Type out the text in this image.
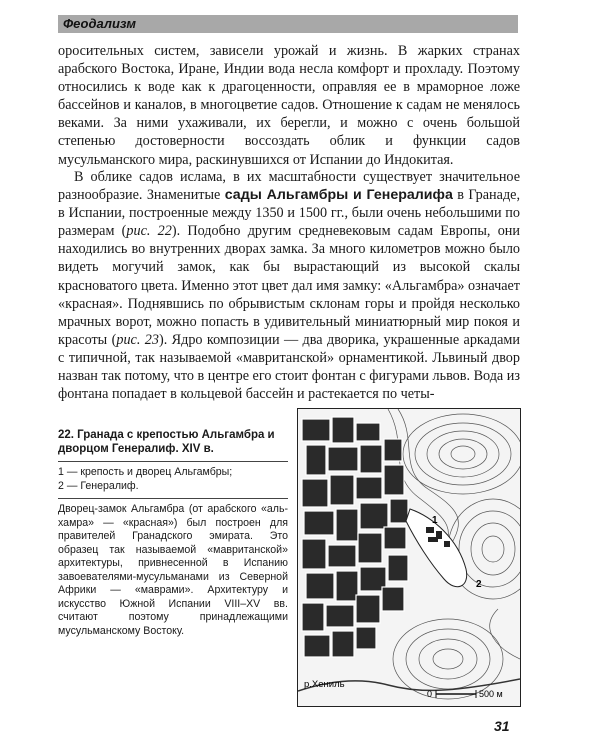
Феодализм

оросительных систем, зависели урожай и жизнь. В жарких странах арабского Востока, Иране, Индии вода несла комфорт и прохладу. Поэтому относились к воде как к драгоценности, оправляя ее в мраморное ложе бассейнов и каналов, в многоцветие садов. Отношение к садам не менялось веками. За ними ухаживали, их берегли, и можно с очень большой степенью достоверности воссоздать облик и функции садов мусульманского мира, раскинувшихся от Испании до Индокитая.

В облике садов ислама, в их масштабности существует значительное разнообразие. Знаменитые сады Альгамбры и Генералифа в Гранаде, в Испании, построенные между 1350 и 1500 гг., были очень небольшими по размерам (рис. 22). Подобно другим средневековым садам Европы, они находились во внутренних дворах замка. За много километров можно было видеть могучий замок, как бы вырастающий из высокой скалы красноватого цвета. Именно этот цвет дал имя замку: «Альгамбра» означает «красная». Поднявшись по обрывистым склонам горы и пройдя несколько мрачных ворот, можно попасть в удивительный миниатюрный мир покоя и красоты (рис. 23). Ядро композиции — два дворика, украшенные аркадами с типичной, так называемой «мавританской» орнаментикой. Львиный двор назван так потому, что в центре его стоит фонтан с фигурами львов. Вода из фонтана попадает в кольцевой бассейн и растекается по четы-

22. Гранада с крепостью Альгамбра и дворцом Генералиф. XIV в.
1 — крепость и дворец Альгамбры;
2 — Генералиф.
Дворец-замок Альгамбра (от арабского «аль-хамра» — «красная») был построен для правителей Гранадского эмирата. Это образец так называемой «мавританской» архитектуры, привнесенной в Испанию завоевателями-мусульманами из Северной Африки — «маврами». Архитектуру и искусство Южной Испании VIII–XV вв. считают поэтому принадлежащими мусульманскому Востоку.
1
2
р.Хениль
0	500 м
31
